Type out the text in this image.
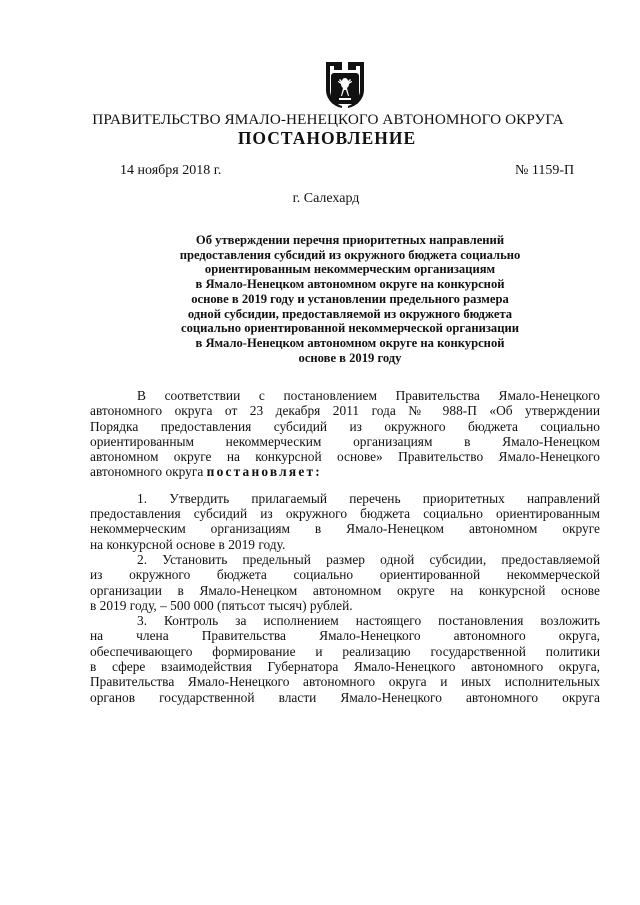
ПРАВИТЕЛЬСТВО ЯМАЛО-НЕНЕЦКОГО АВТОНОМНОГО ОКРУГА
ПОСТАНОВЛЕНИЕ
14 ноября 2018 г.	№ 1159-П
г. Салехард
Об утверждении перечня приоритетных направлений
предоставления субсидий из окружного бюджета социально
ориентированным некоммерческим организациям
в Ямало-Ненецком автономном округе на конкурсной
основе в 2019 году и установлении предельного размера
одной субсидии, предоставляемой из окружного бюджета
социально ориентированной некоммерческой организации
в Ямало-Ненецком автономном округе на конкурсной
основе в 2019 году
В соответствии с постановлением Правительства Ямало-Ненецкого
автономного округа от 23 декабря 2011 года № 988-П «Об утверждении
Порядка предоставления субсидий из окружного бюджета социально
ориентированным некоммерческим организациям в Ямало-Ненецком
автономном округе на конкурсной основе» Правительство Ямало-Ненецкого
автономного округа постановляет:
1. Утвердить прилагаемый перечень приоритетных направлений
предоставления субсидий из окружного бюджета социально ориентированным
некоммерческим организациям в Ямало-Ненецком автономном округе
на конкурсной основе в 2019 году.
2. Установить предельный размер одной субсидии, предоставляемой
из окружного бюджета социально ориентированной некоммерческой
организации в Ямало-Ненецком автономном округе на конкурсной основе
в 2019 году, – 500 000 (пятьсот тысяч) рублей.
3. Контроль за исполнением настоящего постановления возложить
на члена Правительства Ямало-Ненецкого автономного округа,
обеспечивающего формирование и реализацию государственной политики
в сфере взаимодействия Губернатора Ямало-Ненецкого автономного округа,
Правительства Ямало-Ненецкого автономного округа и иных исполнительных
органов государственной власти Ямало-Ненецкого автономного округа
